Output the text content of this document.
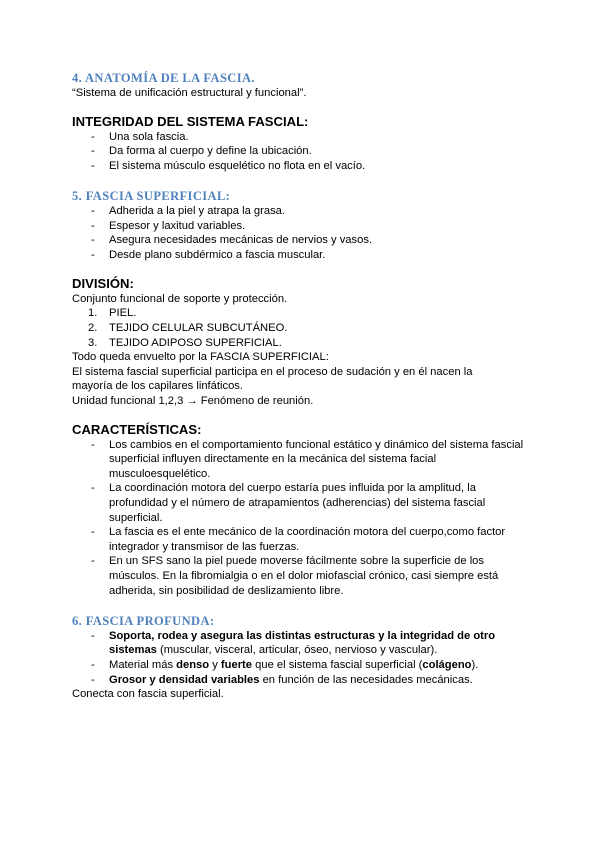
4. ANATOMÍA DE LA FASCIA.

“Sistema de unificación estructural y funcional”.

INTEGRIDAD DEL SISTEMA FASCIAL:
- Una sola fascia.
- Da forma al cuerpo y define la ubicación.
- El sistema músculo esquelético no flota en el vacío.
5. FASCIA SUPERFICIAL:
- Adherida a la piel y atrapa la grasa.
- Espesor y laxitud variables.
- Asegura necesidades mecánicas de nervios y vasos.
- Desde plano subdérmico a fascia muscular.
DIVISIÓN:

Conjunto funcional de soporte y protección.

1. PIEL.
2. TEJIDO CELULAR SUBCUTÁNEO.
3. TEJIDO ADIPOSO SUPERFICIAL.

Todo queda envuelto por la FASCIA SUPERFICIAL:

El sistema fascial superficial participa en el proceso de sudación y en él nacen la mayoría de los capilares linfáticos.

Unidad funcional 1,2,3 → Fenómeno de reunión.

CARACTERÍSTICAS:
- Los cambios en el comportamiento funcional estático y dinámico del sistema fascial superficial influyen directamente en la mecánica del sistema facial musculoesquelético.
- La coordinación motora del cuerpo estaría pues influida por la amplitud, la profundidad y el número de atrapamientos (adherencias) del sistema fascial superficial.
- La fascia es el ente mecánico de la coordinación motora del cuerpo,como factor integrador y transmisor de las fuerzas.
- En un SFS sano la piel puede moverse fácilmente sobre la superficie de los músculos. En la fibromialgia o en el dolor miofascial crónico, casi siempre está adherida, sin posibilidad de deslizamiento libre.
6. FASCIA PROFUNDA:
- Soporta, rodea y asegura las distintas estructuras y la integridad de otro sistemas (muscular, visceral, articular, óseo, nervioso y vascular).
- Material más denso y fuerte que el sistema fascial superficial (colágeno).
- Grosor y densidad variables en función de las necesidades mecánicas.

Conecta con fascia superficial.
